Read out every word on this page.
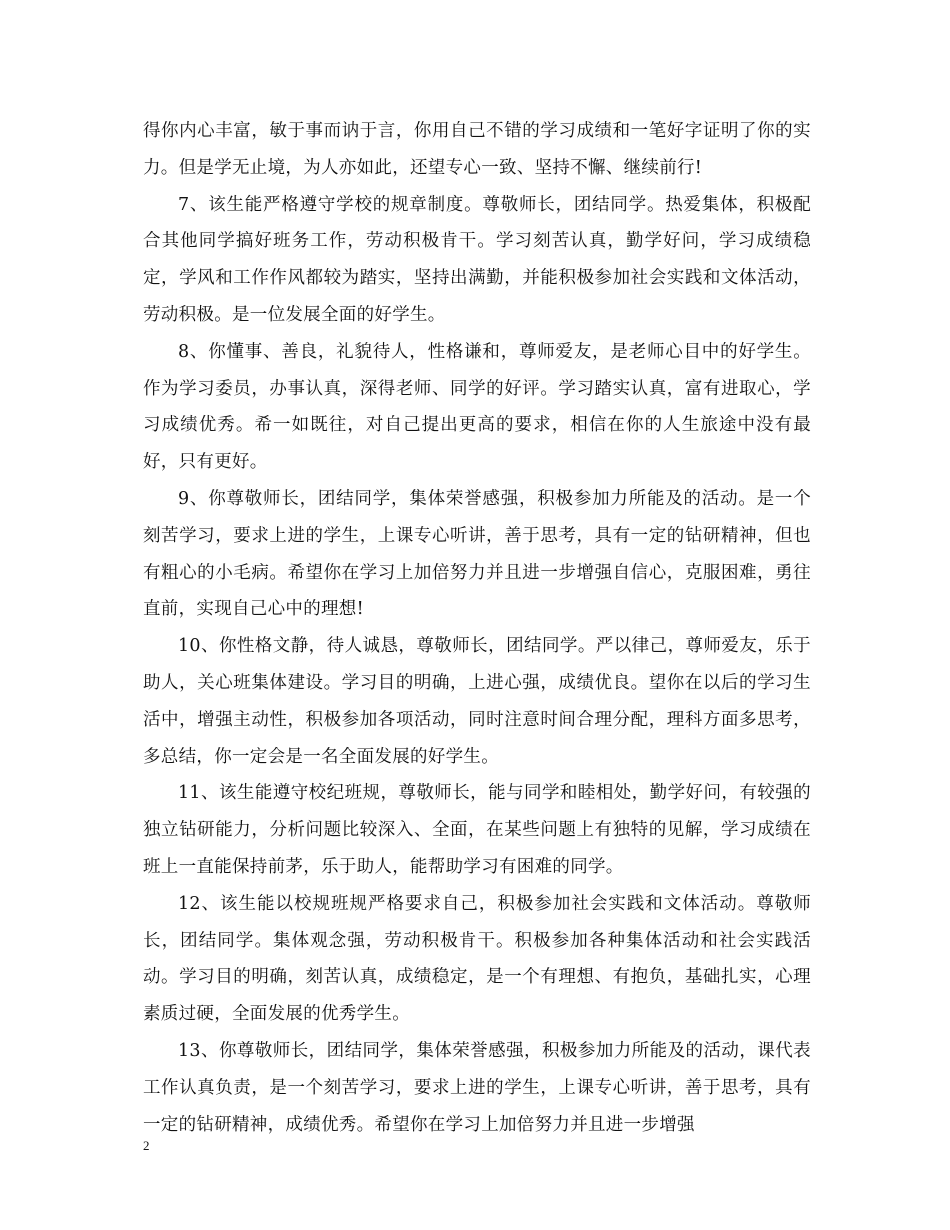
得你内心丰富，敏于事而讷于言，你用自己不错的学习成绩和一笔好字证明了你的实力。但是学无止境，为人亦如此，还望专心一致、坚持不懈、继续前行!

7、该生能严格遵守学校的规章制度。尊敬师长，团结同学。热爱集体，积极配合其他同学搞好班务工作，劳动积极肯干。学习刻苦认真，勤学好问，学习成绩稳定，学风和工作作风都较为踏实，坚持出满勤，并能积极参加社会实践和文体活动，劳动积极。是一位发展全面的好学生。

8、你懂事、善良，礼貌待人，性格谦和，尊师爱友，是老师心目中的好学生。作为学习委员，办事认真，深得老师、同学的好评。学习踏实认真，富有进取心，学习成绩优秀。希一如既往，对自己提出更高的要求，相信在你的人生旅途中没有最好，只有更好。

9、你尊敬师长，团结同学，集体荣誉感强，积极参加力所能及的活动。是一个刻苦学习，要求上进的学生，上课专心听讲，善于思考，具有一定的钻研精神，但也有粗心的小毛病。希望你在学习上加倍努力并且进一步增强自信心，克服困难，勇往直前，实现自己心中的理想!

10、你性格文静，待人诚恳，尊敬师长，团结同学。严以律己，尊师爱友，乐于助人，关心班集体建设。学习目的明确，上进心强，成绩优良。望你在以后的学习生活中，增强主动性，积极参加各项活动，同时注意时间合理分配，理科方面多思考，多总结，你一定会是一名全面发展的好学生。

11、该生能遵守校纪班规，尊敬师长，能与同学和睦相处，勤学好问，有较强的独立钻研能力，分析问题比较深入、全面，在某些问题上有独特的见解，学习成绩在班上一直能保持前茅，乐于助人，能帮助学习有困难的同学。

12、该生能以校规班规严格要求自己，积极参加社会实践和文体活动。尊敬师长，团结同学。集体观念强，劳动积极肯干。积极参加各种集体活动和社会实践活动。学习目的明确，刻苦认真，成绩稳定，是一个有理想、有抱负，基础扎实，心理素质过硬，全面发展的优秀学生。

13、你尊敬师长，团结同学，集体荣誉感强，积极参加力所能及的活动，课代表工作认真负责，是一个刻苦学习，要求上进的学生，上课专心听讲，善于思考，具有一定的钻研精神，成绩优秀。希望你在学习上加倍努力并且进一步增强

2
